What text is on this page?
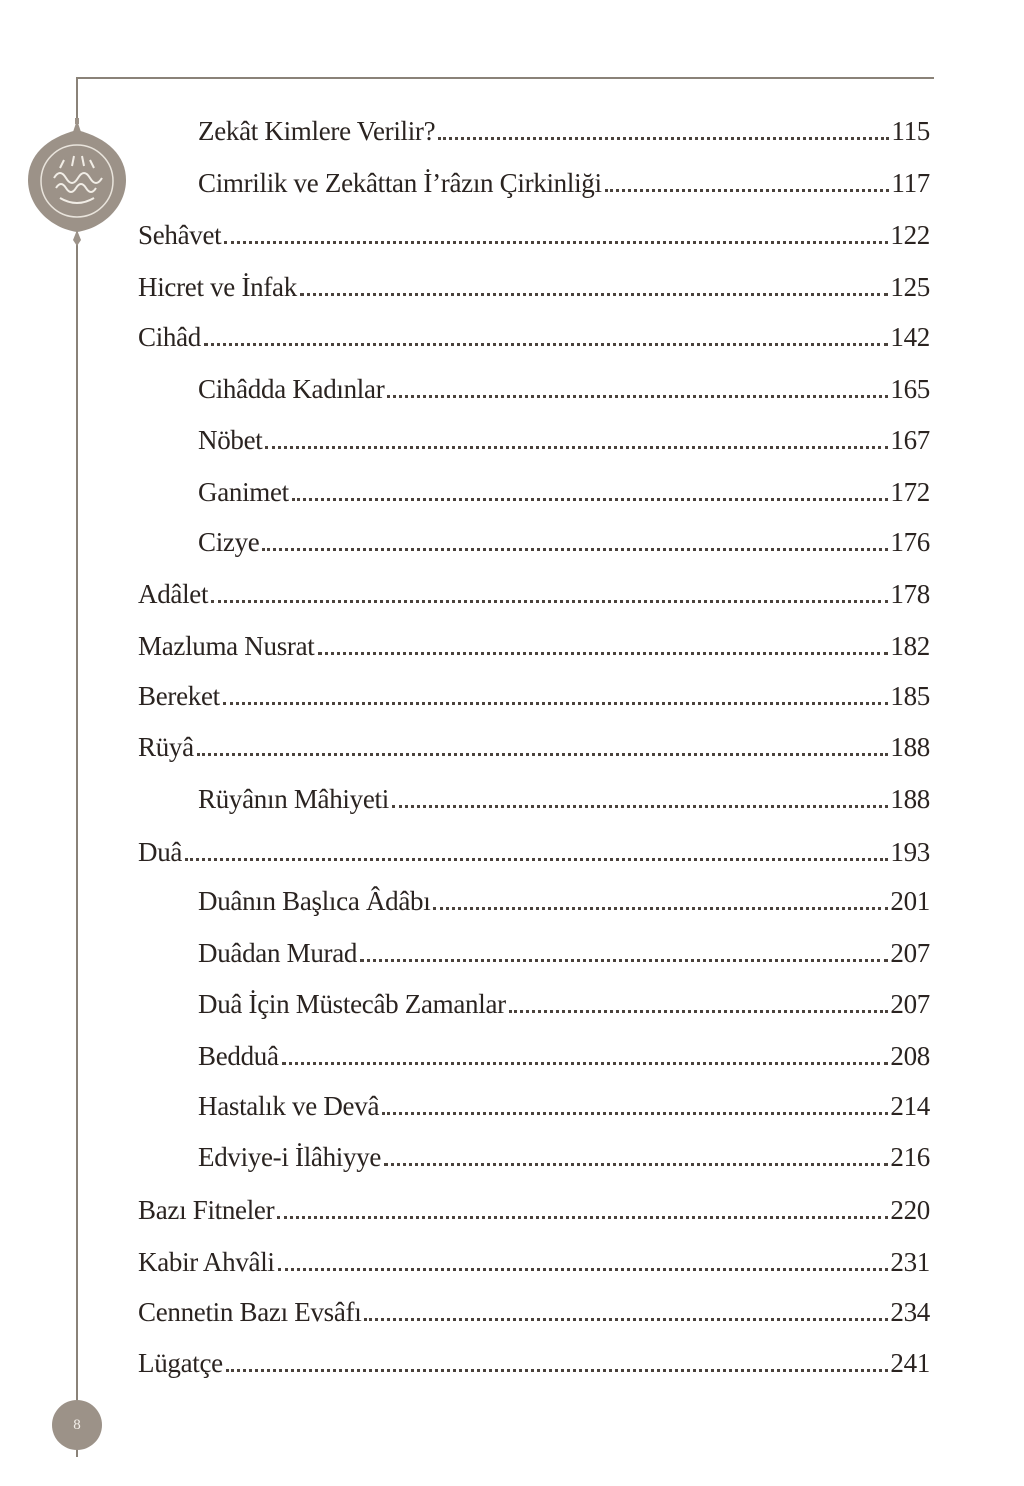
8
Zekât Kimlere Verilir?	115
Cimrilik ve Zekâttan İ’râzın Çirkinliği	117
Sehâvet	122
Hicret ve İnfak	125
Cihâd	142
Cihâdda Kadınlar	165
Nöbet	167
Ganimet	172
Cizye	176
Adâlet	178
Mazluma Nusrat	182
Bereket	185
Rüyâ	188
Rüyânın Mâhiyeti	188
Duâ	193
Duânın Başlıca Âdâbı	201
Duâdan Murad	207
Duâ İçin Müstecâb Zamanlar	207
Bedduâ	208
Hastalık ve Devâ	214
Edviye-i İlâhiyye	216
Bazı Fitneler	220
Kabir Ahvâli	231
Cennetin Bazı Evsâfı	234
Lügatçe	241
